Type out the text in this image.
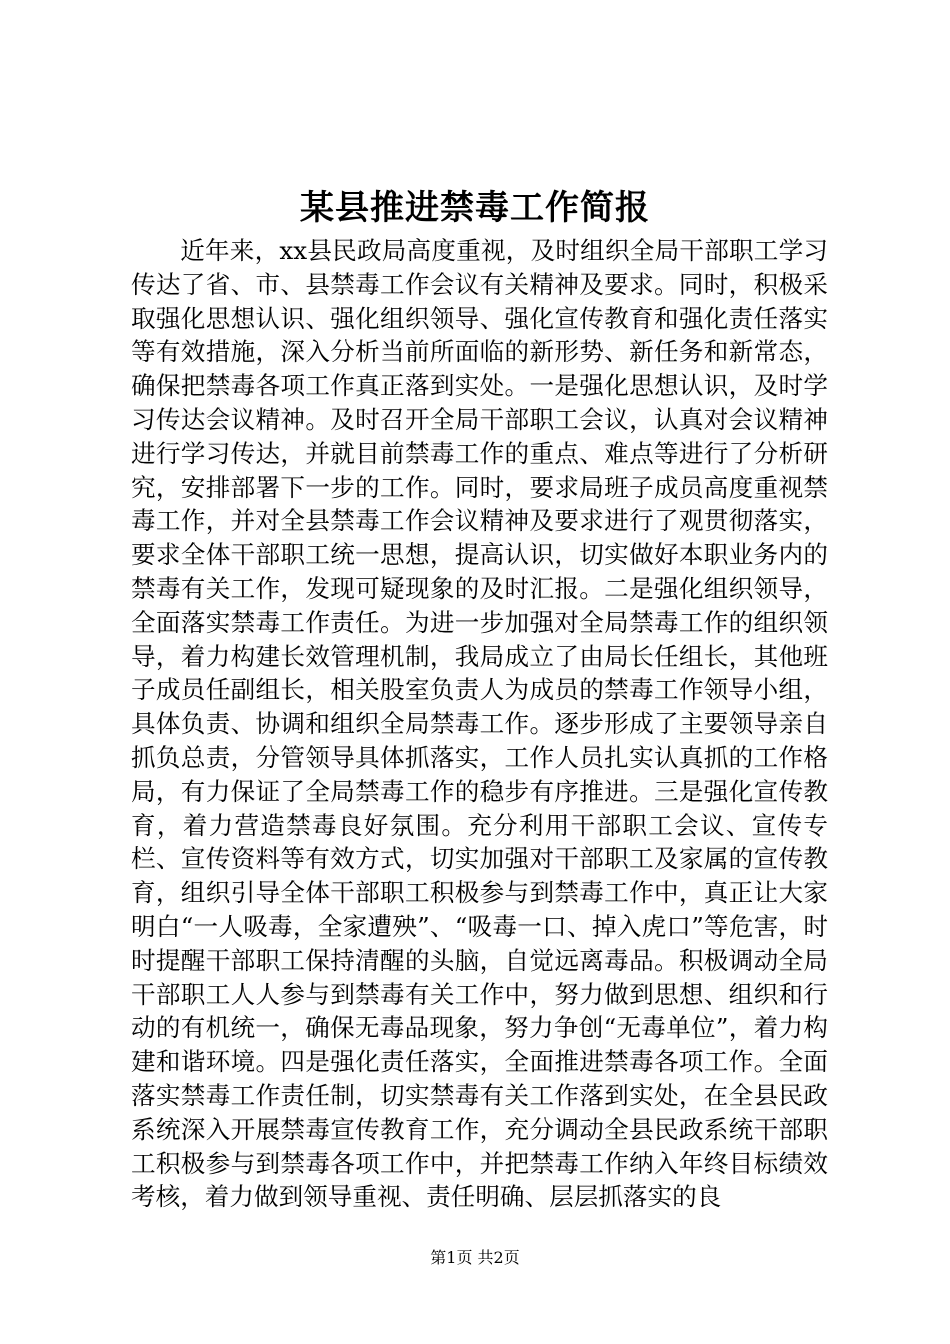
某县推进禁毒工作简报

近年来，xx县民政局高度重视，及时组织全局干部职工学习传达了省、市、县禁毒工作会议有关精神及要求。同时，积极采取强化思想认识、强化组织领导、强化宣传教育和强化责任落实等有效措施，深入分析当前所面临的新形势、新任务和新常态，确保把禁毒各项工作真正落到实处。一是强化思想认识，及时学习传达会议精神。及时召开全局干部职工会议，认真对会议精神进行学习传达，并就目前禁毒工作的重点、难点等进行了分析研究，安排部署下一步的工作。同时，要求局班子成员高度重视禁毒工作，并对全县禁毒工作会议精神及要求进行了观贯彻落实，要求全体干部职工统一思想，提高认识，切实做好本职业务内的禁毒有关工作，发现可疑现象的及时汇报。二是强化组织领导，全面落实禁毒工作责任。为进一步加强对全局禁毒工作的组织领导，着力构建长效管理机制，我局成立了由局长任组长，其他班子成员任副组长，相关股室负责人为成员的禁毒工作领导小组，具体负责、协调和组织全局禁毒工作。逐步形成了主要领导亲自抓负总责，分管领导具体抓落实，工作人员扎实认真抓的工作格局，有力保证了全局禁毒工作的稳步有序推进。三是强化宣传教育，着力营造禁毒良好氛围。充分利用干部职工会议、宣传专栏、宣传资料等有效方式，切实加强对干部职工及家属的宣传教育，组织引导全体干部职工积极参与到禁毒工作中，真正让大家明白“一人吸毒，全家遭殃”、“吸毒一口、掉入虎口”等危害，时时提醒干部职工保持清醒的头脑，自觉远离毒品。积极调动全局干部职工人人参与到禁毒有关工作中，努力做到思想、组织和行动的有机统一，确保无毒品现象，努力争创“无毒单位”，着力构建和谐环境。四是强化责任落实，全面推进禁毒各项工作。全面落实禁毒工作责任制，切实禁毒有关工作落到实处，在全县民政系统深入开展禁毒宣传教育工作，充分调动全县民政系统干部职工积极参与到禁毒各项工作中，并把禁毒工作纳入年终目标绩效考核，着力做到领导重视、责任明确、层层抓落实的良

第1页 共2页
